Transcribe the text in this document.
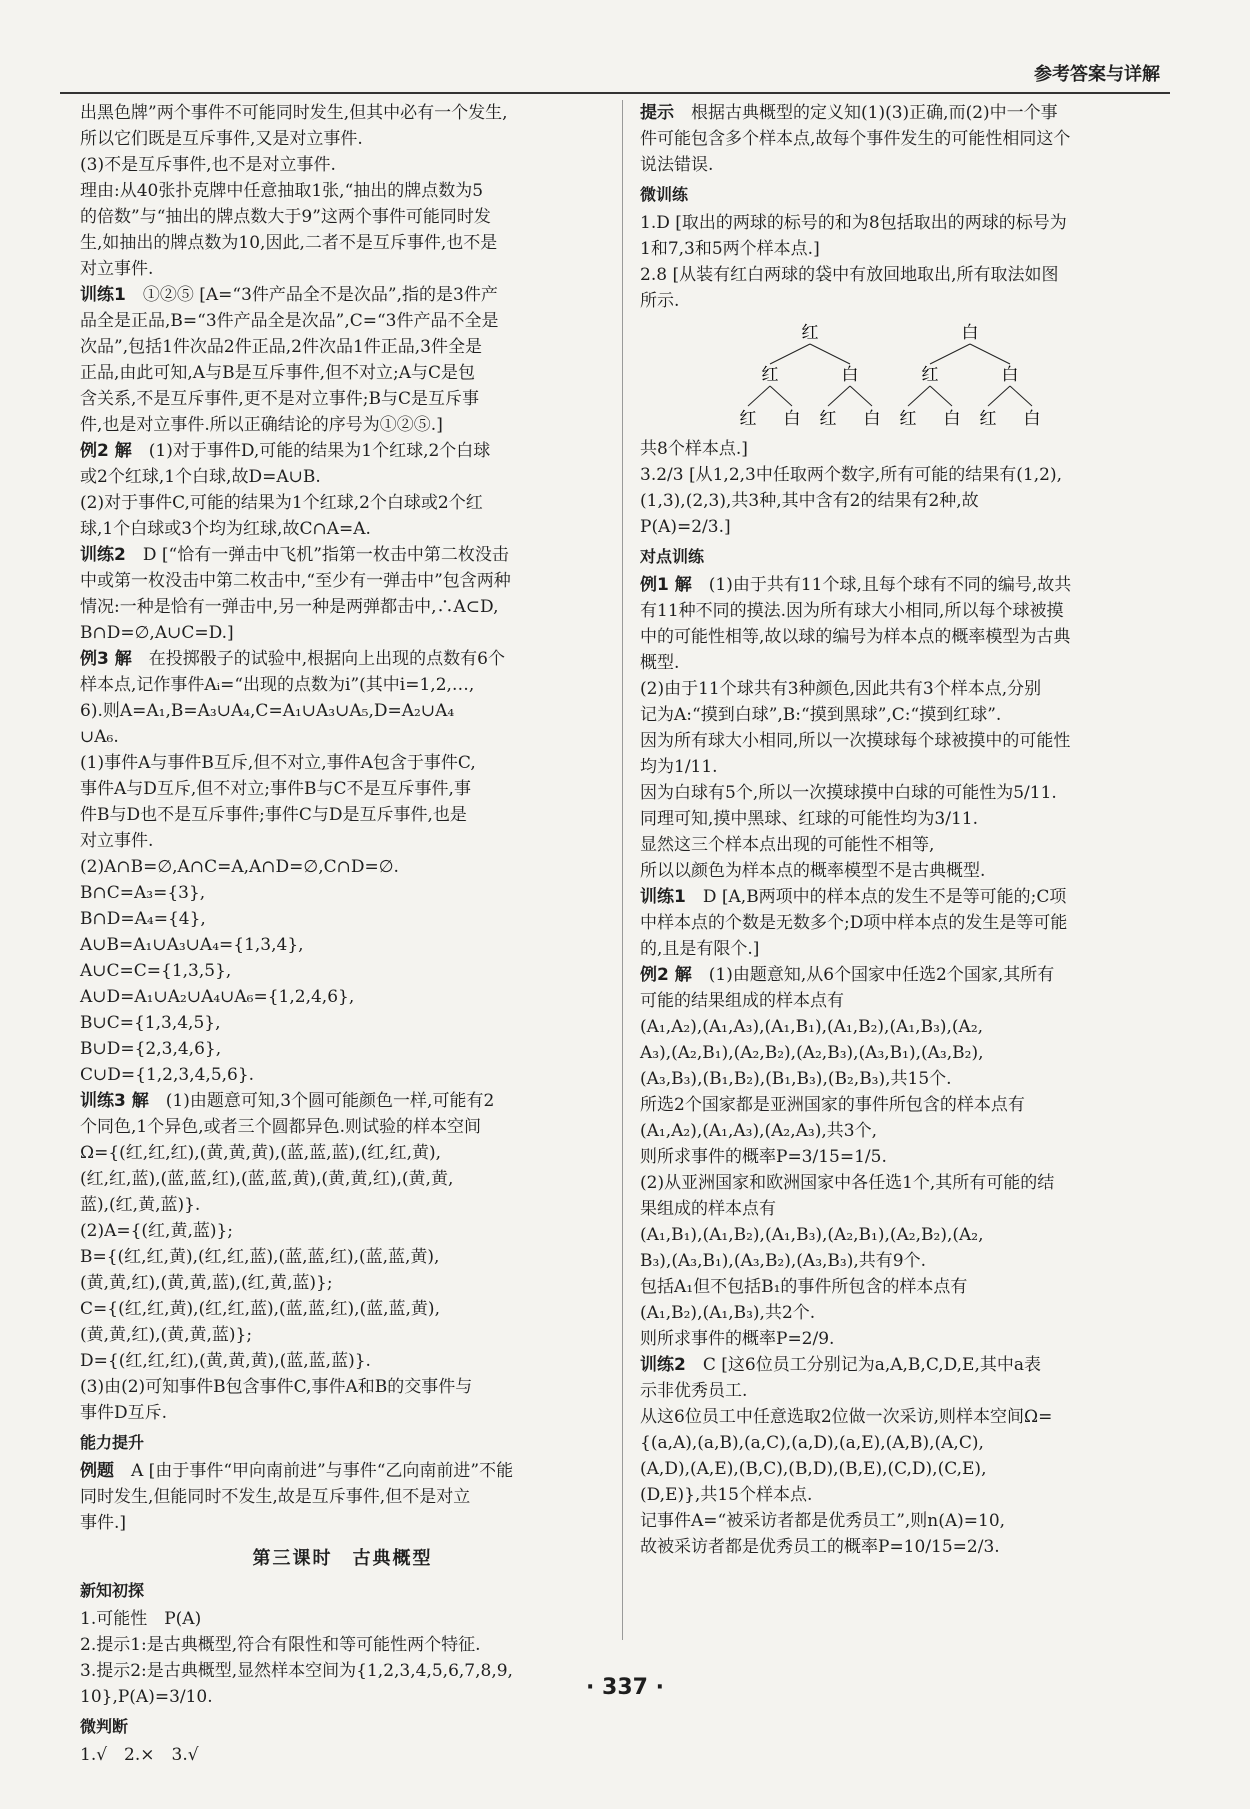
参考答案与详解
出黑色牌”两个事件不可能同时发生,但其中必有一个发生,
所以它们既是互斥事件,又是对立事件.
(3)不是互斥事件,也不是对立事件.
理由:从40张扑克牌中任意抽取1张,“抽出的牌点数为5
的倍数”与“抽出的牌点数大于9”这两个事件可能同时发
生,如抽出的牌点数为10,因此,二者不是互斥事件,也不是
对立事件.
训练1　 ①②⑤ [A=“3件产品全不是次品”,指的是3件产
品全是正品,B=“3件产品全是次品”,C=“3件产品不全是
次品”,包括1件次品2件正品,2件次品1件正品,3件全是
正品,由此可知,A与B是互斥事件,但不对立;A与C是包
含关系,不是互斥事件,更不是对立事件;B与C是互斥事
件,也是对立事件.所以正确结论的序号为①②⑤.]
例2 解　 (1)对于事件D,可能的结果为1个红球,2个白球
或2个红球,1个白球,故D=A∪B.
(2)对于事件C,可能的结果为1个红球,2个白球或2个红
球,1个白球或3个均为红球,故C∩A=A.
训练2　 D [“恰有一弹击中飞机”指第一枚击中第二枚没击
中或第一枚没击中第二枚击中,“至少有一弹击中”包含两种
情况:一种是恰有一弹击中,另一种是两弹都击中,∴A⊂D,
B∩D=∅,A∪C=D.]
例3 解　 在投掷骰子的试验中,根据向上出现的点数有6个
样本点,记作事件Aᵢ=“出现的点数为i”(其中i=1,2,…,
6).则A=A₁,B=A₃∪A₄,C=A₁∪A₃∪A₅,D=A₂∪A₄
∪A₆.
(1)事件A与事件B互斥,但不对立,事件A包含于事件C,
事件A与D互斥,但不对立;事件B与C不是互斥事件,事
件B与D也不是互斥事件;事件C与D是互斥事件,也是
对立事件.
(2)A∩B=∅,A∩C=A,A∩D=∅,C∩D=∅.
B∩C=A₃={3},
B∩D=A₄={4},
A∪B=A₁∪A₃∪A₄={1,3,4},
A∪C=C={1,3,5},
A∪D=A₁∪A₂∪A₄∪A₆={1,2,4,6},
B∪C={1,3,4,5},
B∪D={2,3,4,6},
C∪D={1,2,3,4,5,6}.
训练3 解　 (1)由题意可知,3个圆可能颜色一样,可能有2
个同色,1个异色,或者三个圆都异色.则试验的样本空间
Ω={(红,红,红),(黄,黄,黄),(蓝,蓝,蓝),(红,红,黄),
(红,红,蓝),(蓝,蓝,红),(蓝,蓝,黄),(黄,黄,红),(黄,黄,
蓝),(红,黄,蓝)}.
(2)A={(红,黄,蓝)};
B={(红,红,黄),(红,红,蓝),(蓝,蓝,红),(蓝,蓝,黄),
(黄,黄,红),(黄,黄,蓝),(红,黄,蓝)};
C={(红,红,黄),(红,红,蓝),(蓝,蓝,红),(蓝,蓝,黄),
(黄,黄,红),(黄,黄,蓝)};
D={(红,红,红),(黄,黄,黄),(蓝,蓝,蓝)}.
(3)由(2)可知事件B包含事件C,事件A和B的交事件与
事件D互斥.
能力提升
例题　 A [由于事件“甲向南前进”与事件“乙向南前进”不能
同时发生,但能同时不发生,故是互斥事件,但不是对立
事件.]
第三课时　古典概型
新知初探
1.可能性　P(A)
2.提示1:是古典概型,符合有限性和等可能性两个特征.
3.提示2:是古典概型,显然样本空间为{1,2,3,4,5,6,7,8,9,
10},P(A)=3/10.
微判断
1.√　2.×　3.√
提示　 根据古典概型的定义知(1)(3)正确,而(2)中一个事
件可能包含多个样本点,故每个事件发生的可能性相同这个
说法错误.
微训练
1.D [取出的两球的标号的和为8包括取出的两球的标号为
1和7,3和5两个样本点.]
2.8 [从装有红白两球的袋中有放回地取出,所有取法如图
所示.
红
红
红 白
白
红 白
白
红
红 白
白
红 白
共8个样本点.]
3.2/3 [从1,2,3中任取两个数字,所有可能的结果有(1,2),
(1,3),(2,3),共3种,其中含有2的结果有2种,故
P(A)=2/3.]
对点训练
例1 解　 (1)由于共有11个球,且每个球有不同的编号,故共
有11种不同的摸法.因为所有球大小相同,所以每个球被摸
中的可能性相等,故以球的编号为样本点的概率模型为古典
概型.
(2)由于11个球共有3种颜色,因此共有3个样本点,分别
记为A:“摸到白球”,B:“摸到黑球”,C:“摸到红球”.
因为所有球大小相同,所以一次摸球每个球被摸中的可能性
均为1/11.
因为白球有5个,所以一次摸球摸中白球的可能性为5/11.
同理可知,摸中黑球、红球的可能性均为3/11.
显然这三个样本点出现的可能性不相等,
所以以颜色为样本点的概率模型不是古典概型.
训练1　 D [A,B两项中的样本点的发生不是等可能的;C项
中样本点的个数是无数多个;D项中样本点的发生是等可能
的,且是有限个.]
例2 解　 (1)由题意知,从6个国家中任选2个国家,其所有
可能的结果组成的样本点有
(A₁,A₂),(A₁,A₃),(A₁,B₁),(A₁,B₂),(A₁,B₃),(A₂,
A₃),(A₂,B₁),(A₂,B₂),(A₂,B₃),(A₃,B₁),(A₃,B₂),
(A₃,B₃),(B₁,B₂),(B₁,B₃),(B₂,B₃),共15个.
所选2个国家都是亚洲国家的事件所包含的样本点有
(A₁,A₂),(A₁,A₃),(A₂,A₃),共3个,
则所求事件的概率P=3/15=1/5.
(2)从亚洲国家和欧洲国家中各任选1个,其所有可能的结
果组成的样本点有
(A₁,B₁),(A₁,B₂),(A₁,B₃),(A₂,B₁),(A₂,B₂),(A₂,
B₃),(A₃,B₁),(A₃,B₂),(A₃,B₃),共有9个.
包括A₁但不包括B₁的事件所包含的样本点有
(A₁,B₂),(A₁,B₃),共2个.
则所求事件的概率P=2/9.
训练2　 C [这6位员工分别记为a,A,B,C,D,E,其中a表
示非优秀员工.
从这6位员工中任意选取2位做一次采访,则样本空间Ω=
{(a,A),(a,B),(a,C),(a,D),(a,E),(A,B),(A,C),
(A,D),(A,E),(B,C),(B,D),(B,E),(C,D),(C,E),
(D,E)},共15个样本点.
记事件A=“被采访者都是优秀员工”,则n(A)=10,
故被采访者都是优秀员工的概率P=10/15=2/3.
· 337 ·
